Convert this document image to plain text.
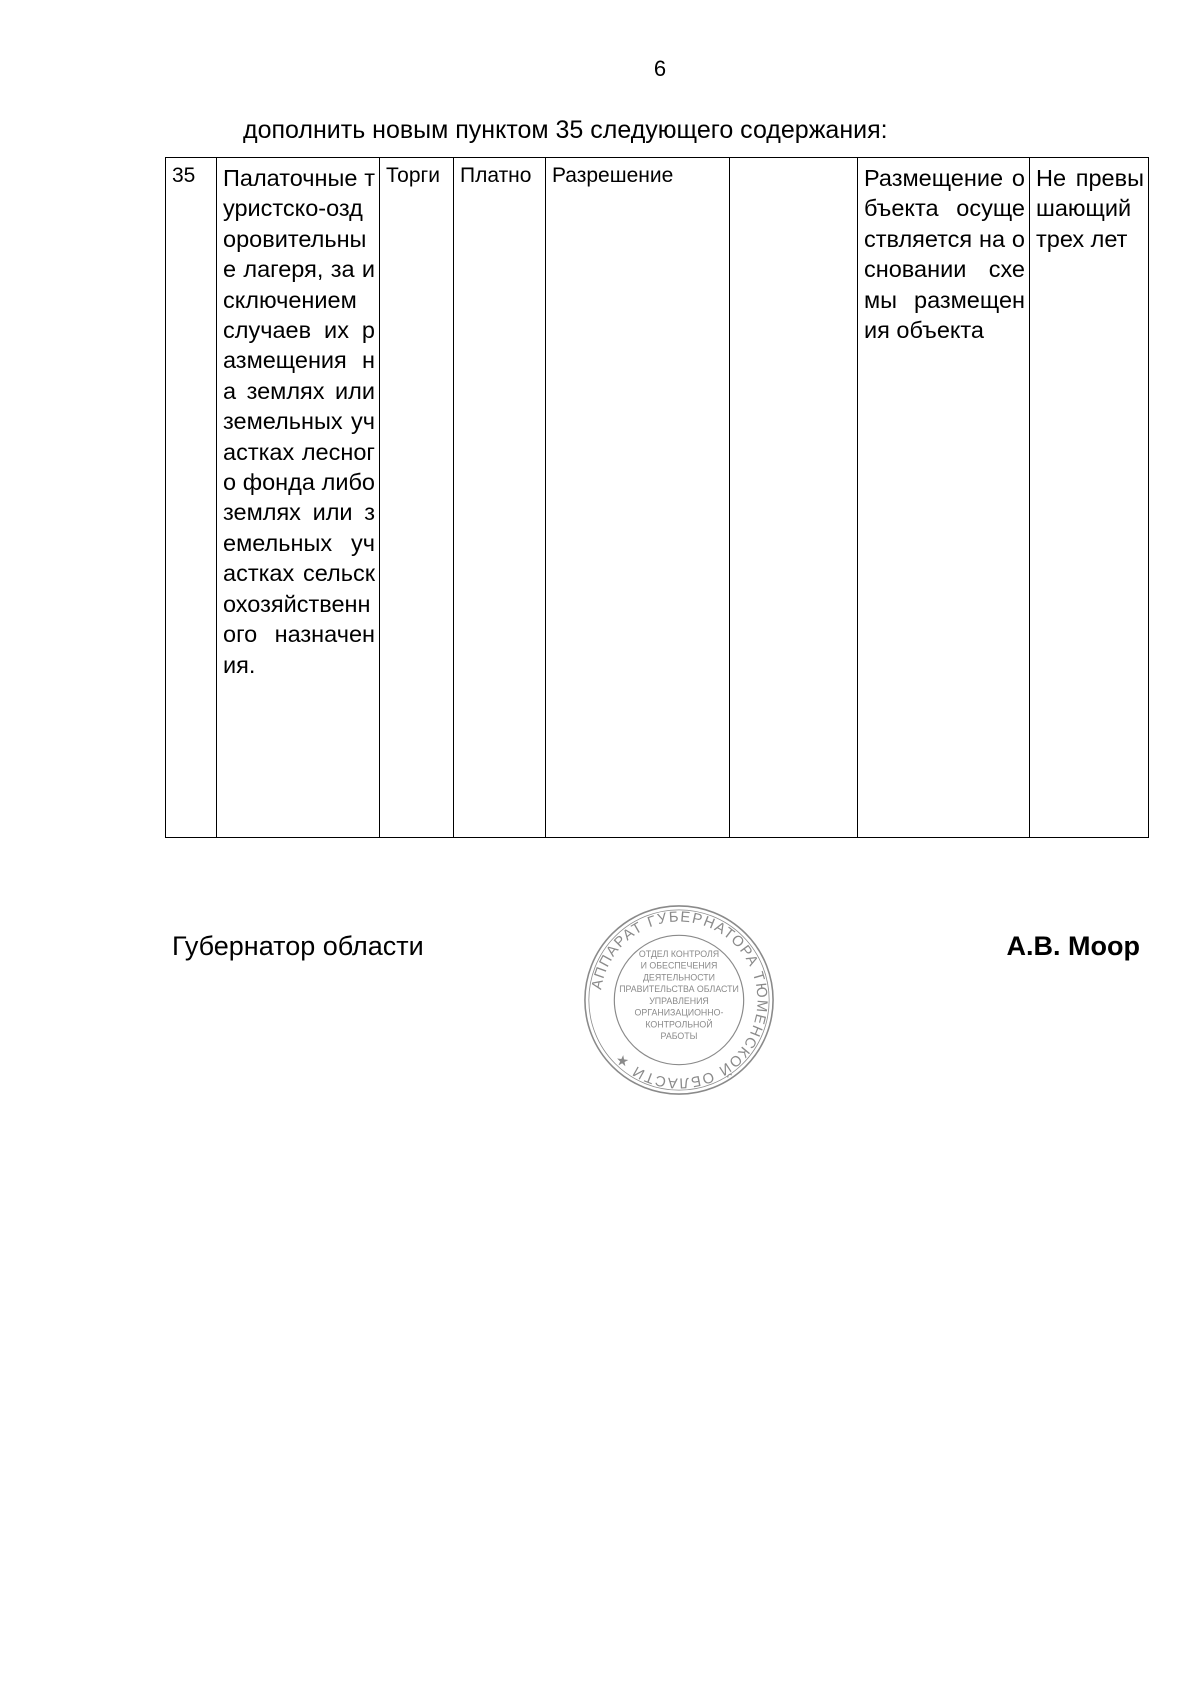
6
дополнить новым пунктом 35 следующего содержания:
35	Палаточные туристско-оздоровительные лагеря, за исключением случаев их размещения на землях или земельных участках лесного фонда либо землях или земельных участках сельскохозяйственного назначения.	Торги	Платно	Разрешение		Размещение объекта осуществляется на основании схемы размещения объекта	Не превышающий трех лет
Губернатор области	А.В. Моор
АППАРАТ ГУБЕРНАТОРА ТЮМЕНСКОЙ ОБЛАСТИ ★
ОТДЕЛ КОНТРОЛЯ
И ОБЕСПЕЧЕНИЯ
ДЕЯТЕЛЬНОСТИ
ПРАВИТЕЛЬСТВА ОБЛАСТИ
УПРАВЛЕНИЯ
ОРГАНИЗАЦИОННО-
КОНТРОЛЬНОЙ
РАБОТЫ
